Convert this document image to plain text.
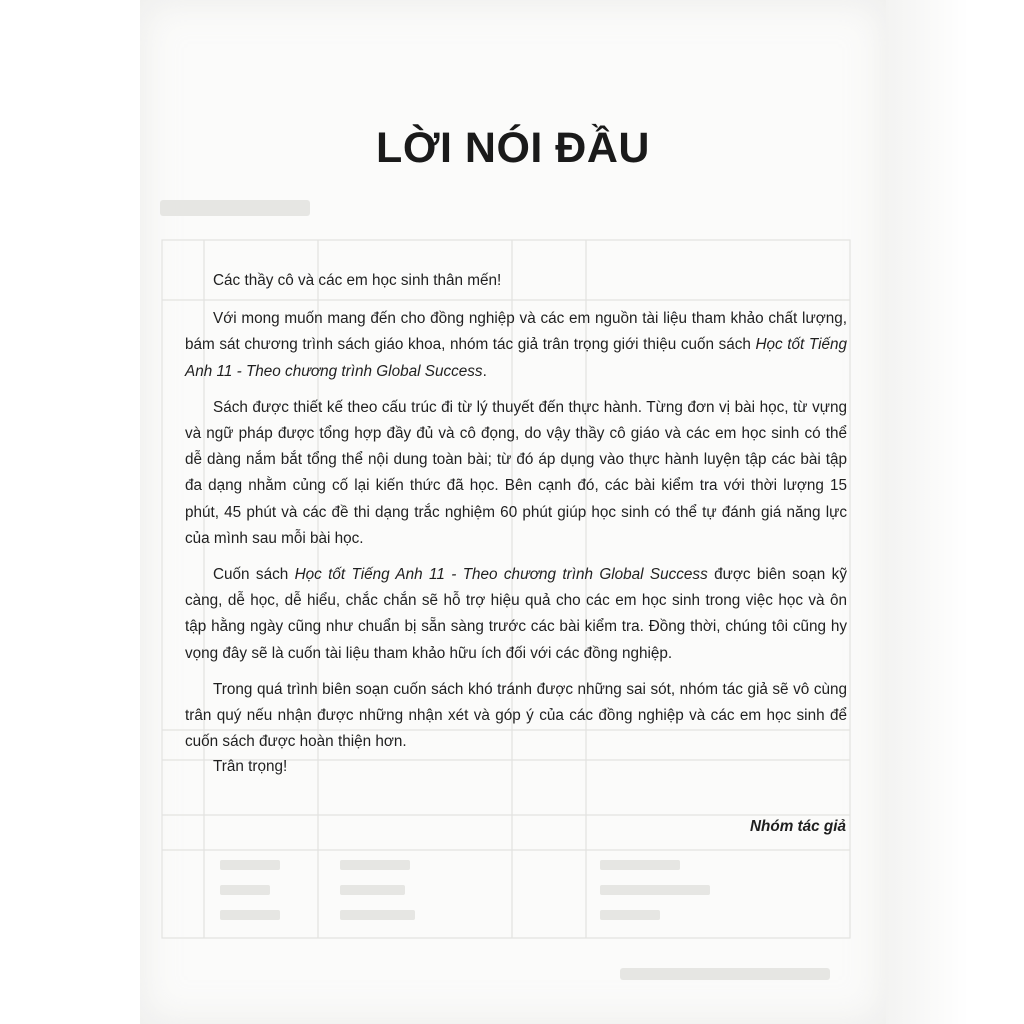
LỜI NÓI ĐẦU

Các thầy cô và các em học sinh thân mến!

Với mong muốn mang đến cho đồng nghiệp và các em nguồn tài liệu tham khảo chất lượng, bám sát chương trình sách giáo khoa, nhóm tác giả trân trọng giới thiệu cuốn sách Học tốt Tiếng Anh 11 - Theo chương trình Global Success.

Sách được thiết kế theo cấu trúc đi từ lý thuyết đến thực hành. Từng đơn vị bài học, từ vựng và ngữ pháp được tổng hợp đầy đủ và cô đọng, do vậy thầy cô giáo và các em học sinh có thể dễ dàng nắm bắt tổng thể nội dung toàn bài; từ đó áp dụng vào thực hành luyện tập các bài tập đa dạng nhằm củng cố lại kiến thức đã học. Bên cạnh đó, các bài kiểm tra với thời lượng 15 phút, 45 phút và các đề thi dạng trắc nghiệm 60 phút giúp học sinh có thể tự đánh giá năng lực của mình sau mỗi bài học.

Cuốn sách Học tốt Tiếng Anh 11 - Theo chương trình Global Success được biên soạn kỹ càng, dễ học, dễ hiểu, chắc chắn sẽ hỗ trợ hiệu quả cho các em học sinh trong việc học và ôn tập hằng ngày cũng như chuẩn bị sẵn sàng trước các bài kiểm tra. Đồng thời, chúng tôi cũng hy vọng đây sẽ là cuốn tài liệu tham khảo hữu ích đối với các đồng nghiệp.

Trong quá trình biên soạn cuốn sách khó tránh được những sai sót, nhóm tác giả sẽ vô cùng trân quý nếu nhận được những nhận xét và góp ý của các đồng nghiệp và các em học sinh để cuốn sách được hoàn thiện hơn.

Trân trọng!
Nhóm tác giả
